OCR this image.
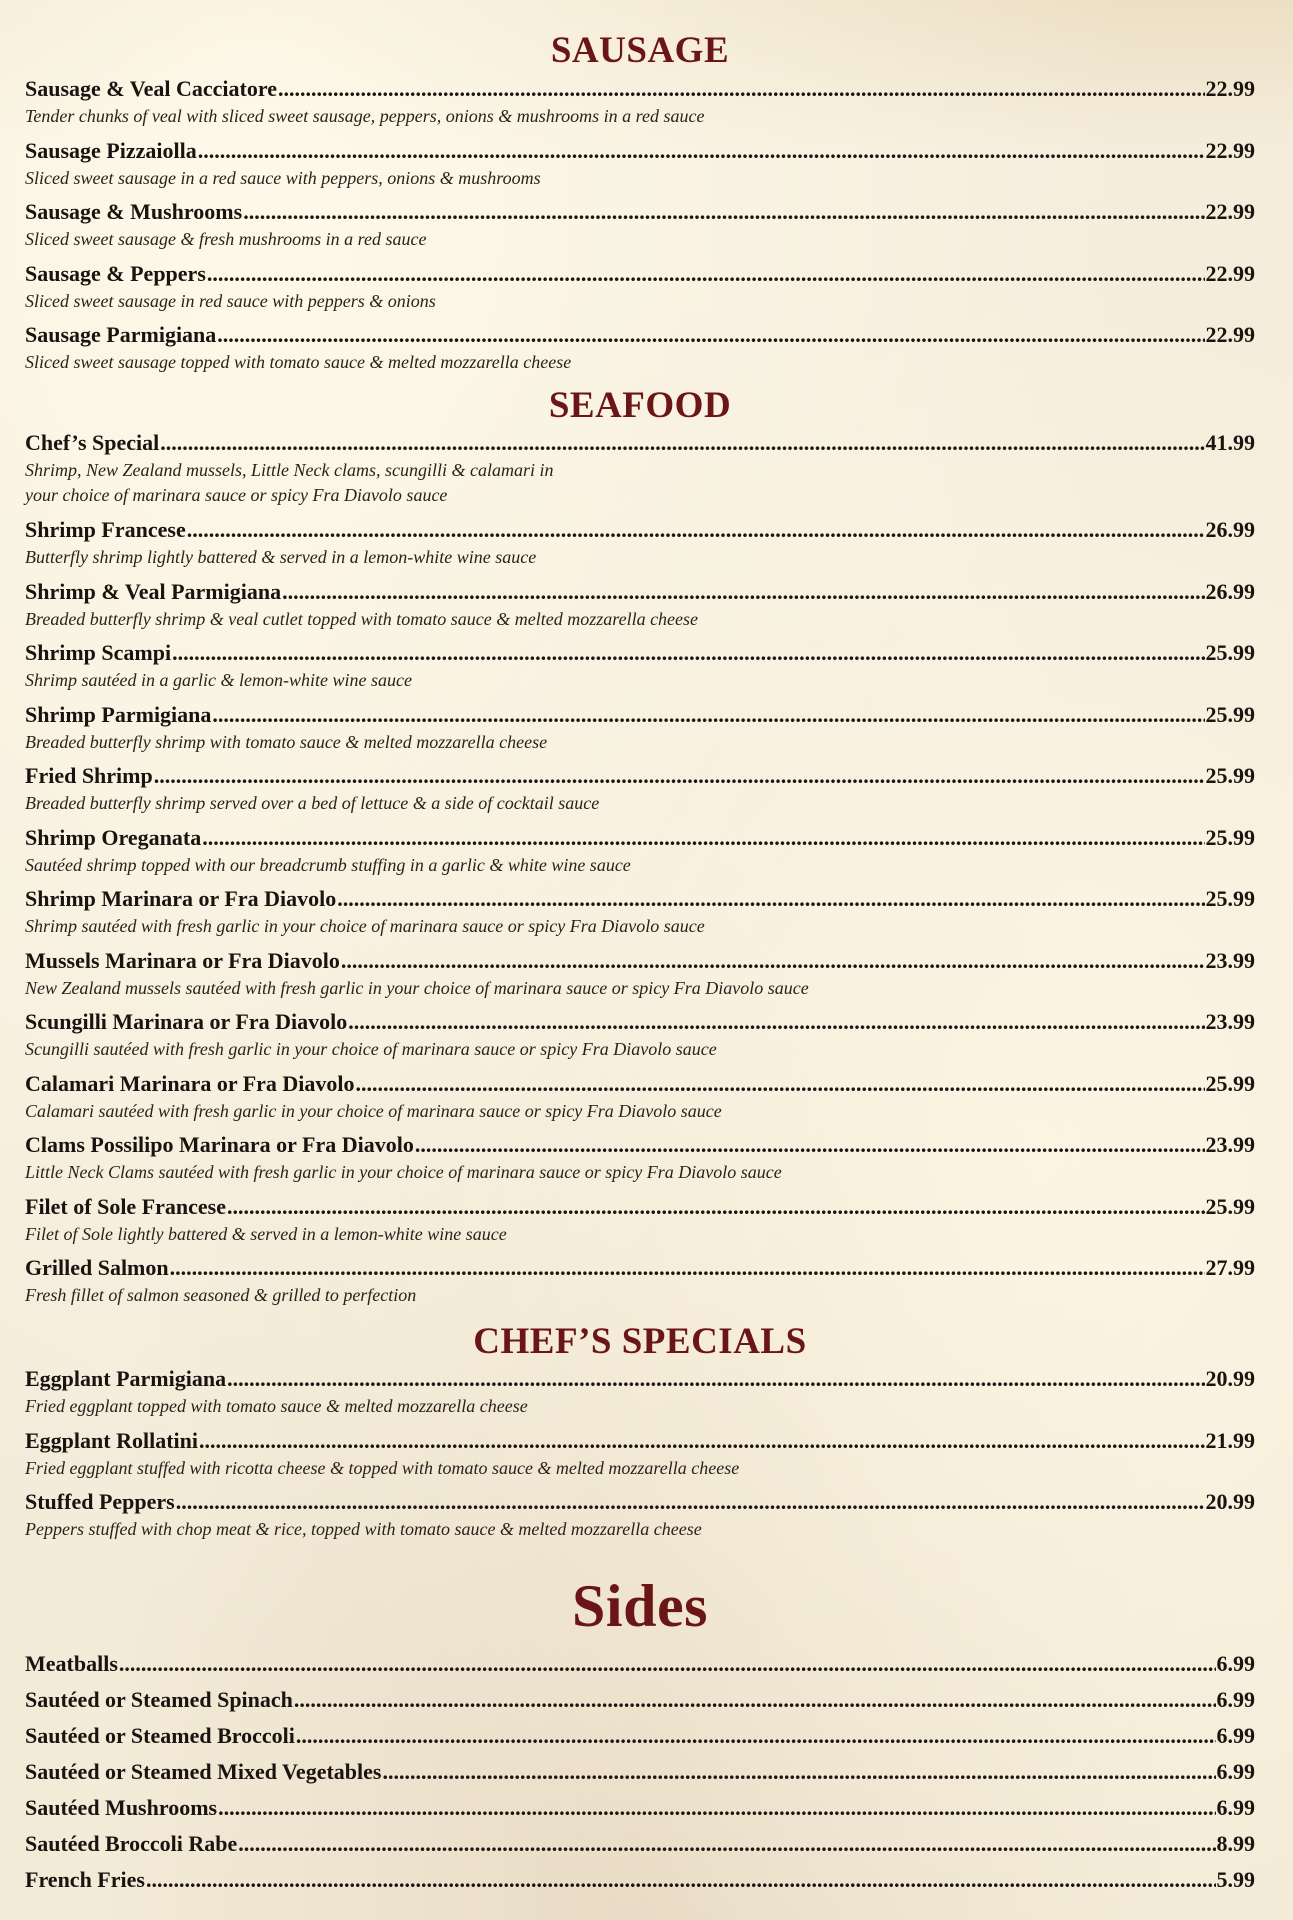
SAUSAGE
Sausage & Veal Cacciatore .....	22.99
Tender chunks of veal with sliced sweet sausage, peppers, onions & mushrooms in a red sauce
Sausage Pizzaiolla .....	22.99
Sliced sweet sausage in a red sauce with peppers, onions & mushrooms
Sausage & Mushrooms .....	22.99
Sliced sweet sausage & fresh mushrooms in a red sauce
Sausage & Peppers .....	22.99
Sliced sweet sausage in red sauce with peppers & onions
Sausage Parmigiana .....	22.99
Sliced sweet sausage topped with tomato sauce & melted mozzarella cheese
SEAFOOD
Chef’s Special .....	41.99
Shrimp, New Zealand mussels, Little Neck clams, scungilli & calamari in
your choice of marinara sauce or spicy Fra Diavolo sauce
Shrimp Francese .....	26.99
Butterfly shrimp lightly battered & served in a lemon-white wine sauce
Shrimp & Veal Parmigiana .....	26.99
Breaded butterfly shrimp & veal cutlet topped with tomato sauce & melted mozzarella cheese
Shrimp Scampi .....	25.99
Shrimp sautéed in a garlic & lemon-white wine sauce
Shrimp Parmigiana .....	25.99
Breaded butterfly shrimp with tomato sauce & melted mozzarella cheese
Fried Shrimp .....	25.99
Breaded butterfly shrimp served over a bed of lettuce & a side of cocktail sauce
Shrimp Oreganata .....	25.99
Sautéed shrimp topped with our breadcrumb stuffing in a garlic & white wine sauce
Shrimp Marinara or Fra Diavolo .....	25.99
Shrimp sautéed with fresh garlic in your choice of marinara sauce or spicy Fra Diavolo sauce
Mussels Marinara or Fra Diavolo .....	23.99
New Zealand mussels sautéed with fresh garlic in your choice of marinara sauce or spicy Fra Diavolo sauce
Scungilli Marinara or Fra Diavolo .....	23.99
Scungilli sautéed with fresh garlic in your choice of marinara sauce or spicy Fra Diavolo sauce
Calamari Marinara or Fra Diavolo .....	25.99
Calamari sautéed with fresh garlic in your choice of marinara sauce or spicy Fra Diavolo sauce
Clams Possilipo Marinara or Fra Diavolo .....	23.99
Little Neck Clams sautéed with fresh garlic in your choice of marinara sauce or spicy Fra Diavolo sauce
Filet of Sole Francese .....	25.99
Filet of Sole lightly battered & served in a lemon-white wine sauce
Grilled Salmon .....	27.99
Fresh fillet of salmon seasoned & grilled to perfection
CHEF’S SPECIALS
Eggplant Parmigiana .....	20.99
Fried eggplant topped with tomato sauce & melted mozzarella cheese
Eggplant Rollatini .....	21.99
Fried eggplant stuffed with ricotta cheese & topped with tomato sauce & melted mozzarella cheese
Stuffed Peppers .....	20.99
Peppers stuffed with chop meat & rice, topped with tomato sauce & melted mozzarella cheese
Sides
Meatballs .....	6.99
Sautéed or Steamed Spinach .....	6.99
Sautéed or Steamed Broccoli .....	6.99
Sautéed or Steamed Mixed Vegetables .....	6.99
Sautéed Mushrooms .....	6.99
Sautéed Broccoli Rabe .....	8.99
French Fries .....	5.99
